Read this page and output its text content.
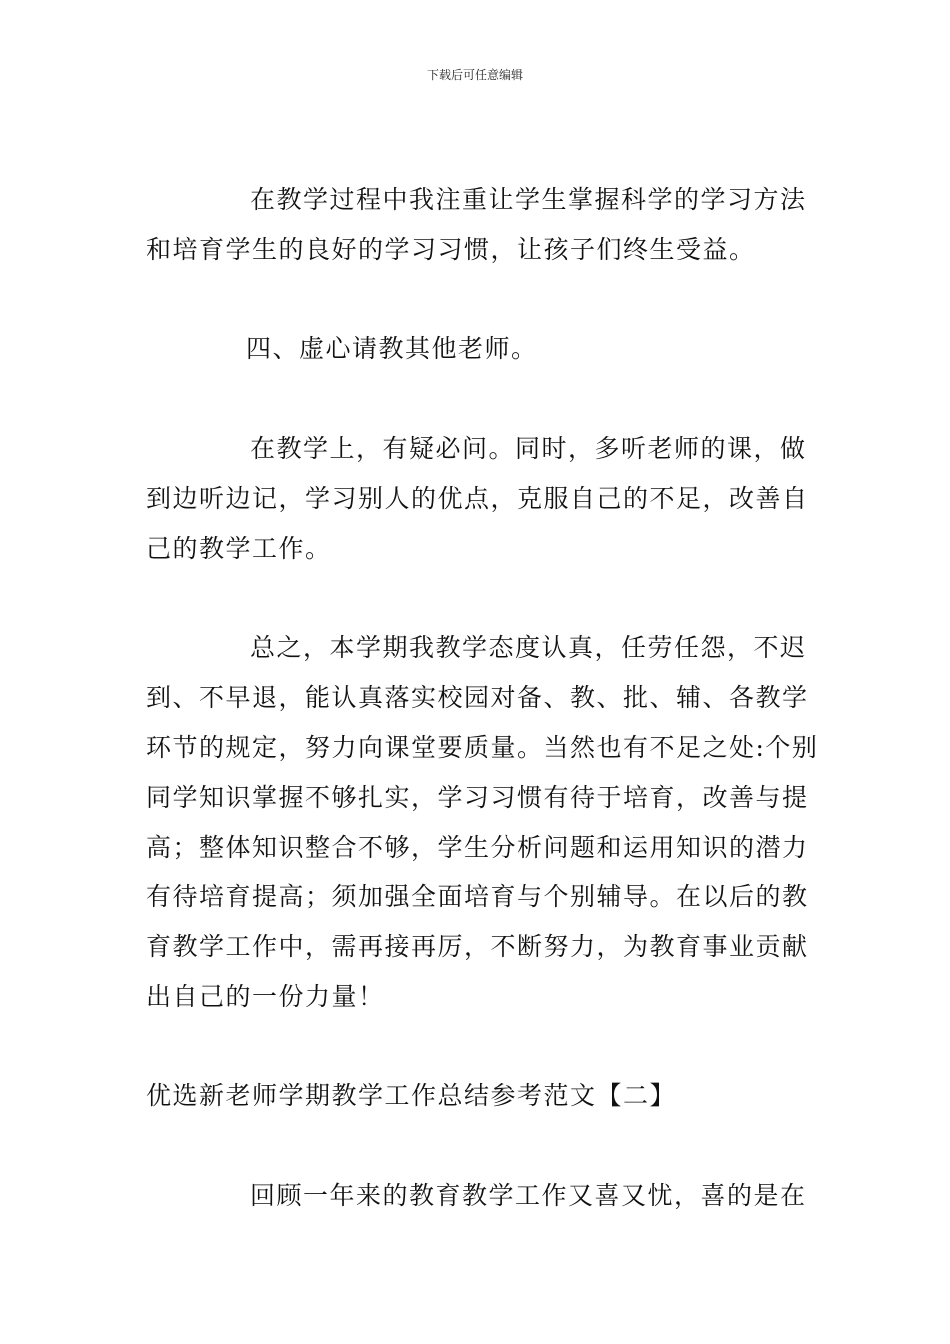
下载后可任意编辑
在教学过程中我注重让学生掌握科学的学习方法
和培育学生的良好的学习习惯，让孩子们终生受益。
四、虚心请教其他老师。
在教学上，有疑必问。同时，多听老师的课，做
到边听边记，学习别人的优点，克服自己的不足，改善自
己的教学工作。
总之，本学期我教学态度认真，任劳任怨，不迟
到、不早退，能认真落实校园对备、教、批、辅、各教学
环节的规定，努力向课堂要质量。当然也有不足之处:个别
同学知识掌握不够扎实，学习习惯有待于培育，改善与提
高；整体知识整合不够，学生分析问题和运用知识的潜力
有待培育提高；须加强全面培育与个别辅导。在以后的教
育教学工作中，需再接再厉，不断努力，为教育事业贡献
出自己的一份力量！
优选新老师学期教学工作总结参考范文【二】
回顾一年来的教育教学工作又喜又忧，喜的是在
